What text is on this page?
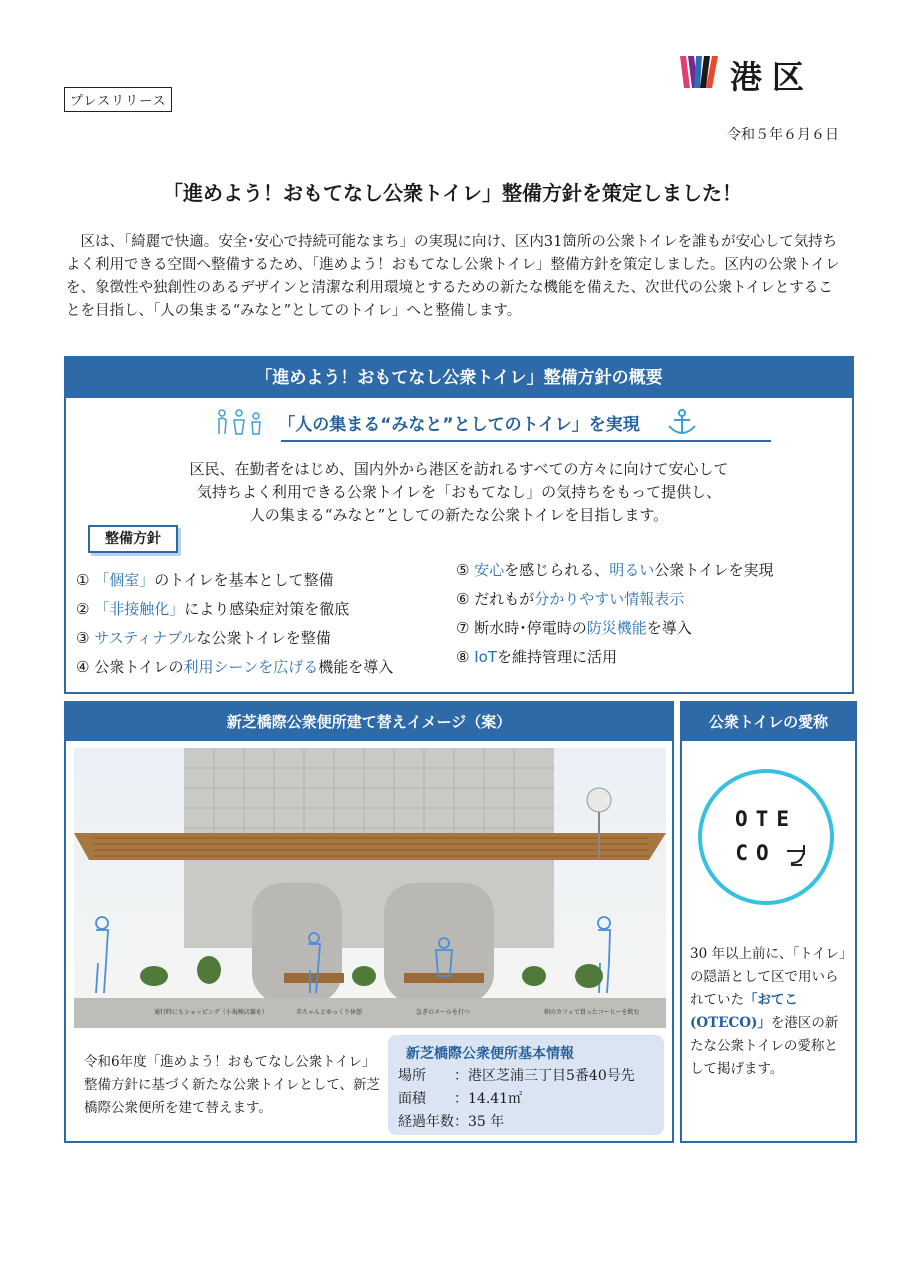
プレスリリース
港区
令和５年６月６日
「進めよう！おもてなし公衆トイレ」整備方針を策定しました！
区は、「綺麗で快適。安全･安心で持続可能なまち」の実現に向け、区内31箇所の公衆トイレを誰もが安心して気持ちよく利用できる空間へ整備するため、「進めよう！おもてなし公衆トイレ」整備方針を策定しました。区内の公衆トイレを、象徴性や独創性のあるデザインと清潔な利用環境とするための新たな機能を備えた、次世代の公衆トイレとすることを目指し、「人の集まる“みなと”としてのトイレ」へと整備します。
「進めよう！おもてなし公衆トイレ」整備方針の概要
「人の集まる“みなと”としてのトイレ」を実現
区民、在勤者をはじめ、国内外から港区を訪れるすべての方々に向けて安心して
気持ちよく利用できる公衆トイレを「おもてなし」の気持ちをもって提供し、
人の集まる“みなと”としての新たな公衆トイレを目指します。
整備方針
① 「個室」のトイレを基本として整備
② 「非接触化」により感染症対策を徹底
③ サスティナブルな公衆トイレを整備
④ 公衆トイレの利用シーンを広げる機能を導入
⑤ 安心を感じられる、明るい公衆トイレを実現
⑥ だれもが分かりやすい情報表示
⑦ 断水時･停電時の防災機能を導入
⑧ IoTを維持管理に活用
新芝橋際公衆便所建て替えイメージ（案）
通行時にもショッピング（小規模店舗を）	赤ちゃんとゆっくり休憩	急ぎのメールを打つ	朝のカフェで買ったコーヒーを飲む
令和6年度「進めよう！おもてなし公衆トイレ」整備方針に基づく新たな公衆トイレとして、新芝橋際公衆便所を建て替えます。
新芝橋際公衆便所基本情報
場所 ：港区芝浦三丁目5番40号先
面積 ：14.41㎡
経過年数：35 年
公衆トイレの愛称
OTE
CO
30 年以上前に、「トイレ」の隠語として区で用いられていた「おてこ(OTECO)」を港区の新たな公衆トイレの愛称として掲げます。
